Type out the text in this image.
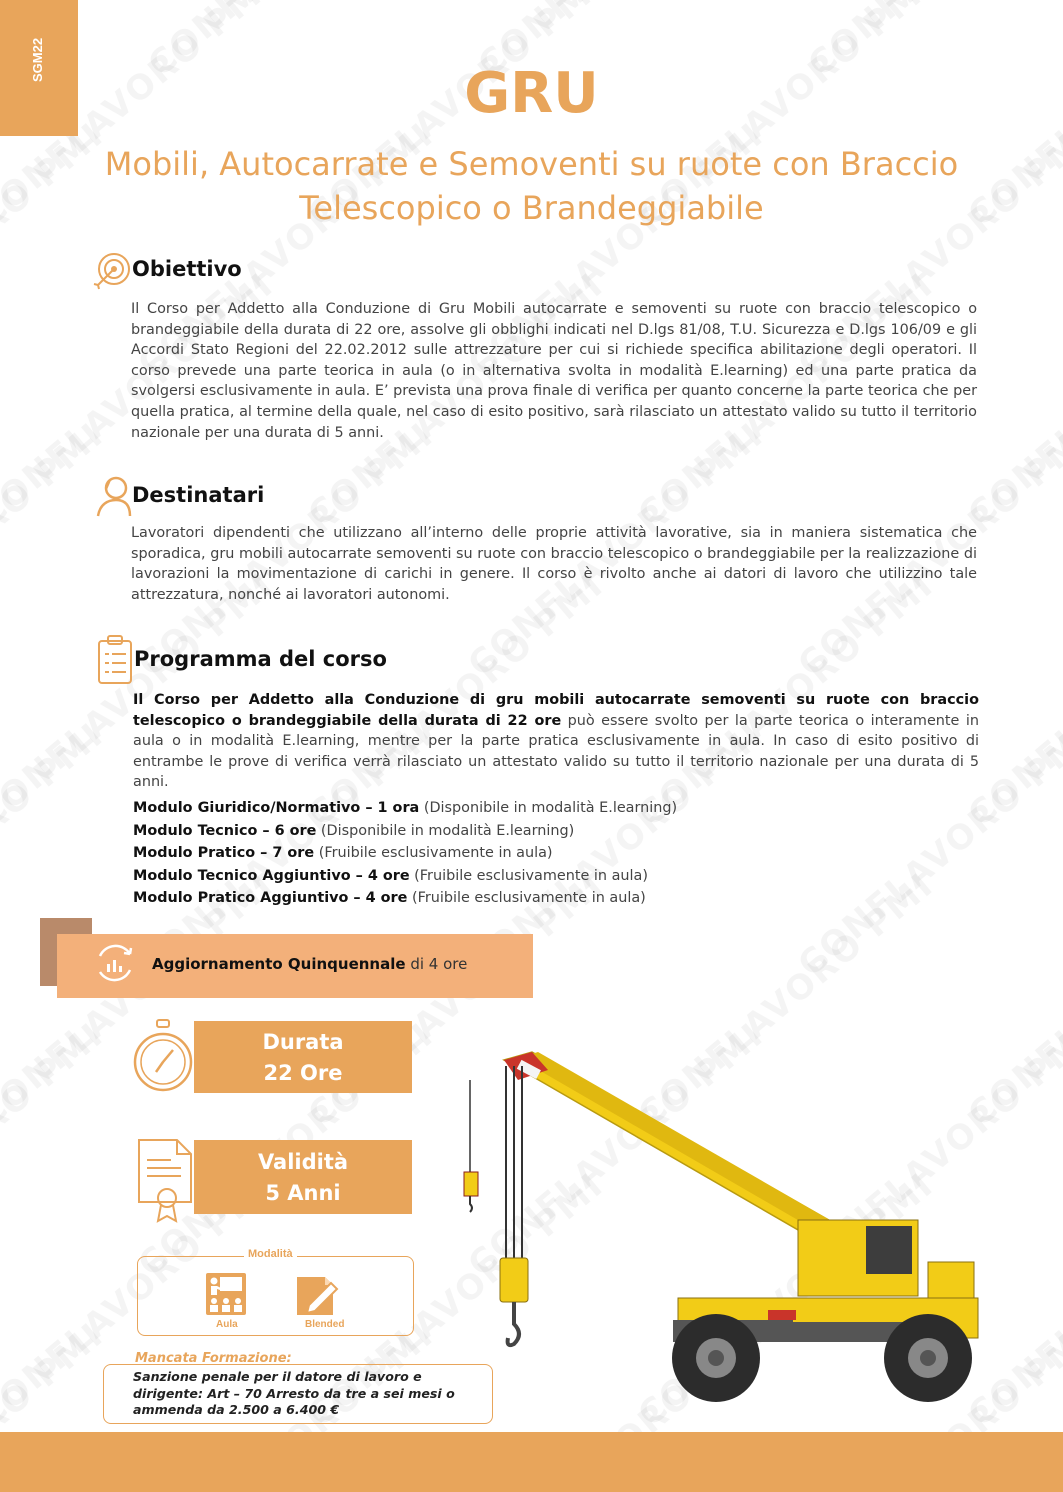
SGM22
GRU
Mobili, Autocarrate e Semoventi su ruote con Braccio Telescopico o Brandeggiabile
Obiettivo
Il Corso per Addetto alla Conduzione di Gru Mobili autocarrate e semoventi su ruote con braccio telescopico o brandeggiabile della durata di 22 ore, assolve gli obblighi indicati nel D.lgs 81/08, T.U. Sicurezza e D.lgs 106/09 e gli Accordi Stato Regioni del 22.02.2012 sulle attrezzature per cui si richiede specifica abilitazione degli operatori. Il corso prevede una parte teorica in aula (o in alternativa svolta in modalità E.learning) ed una parte pratica da svolgersi esclusivamente in aula. E’ prevista una prova finale di verifica per quanto concerne la parte teorica che per quella pratica, al termine della quale, nel caso di esito positivo, sarà rilasciato un attestato valido su tutto il territorio nazionale per una durata di 5 anni.
Destinatari
Lavoratori dipendenti che utilizzano all’interno delle proprie attività lavorative, sia in maniera sistematica che sporadica, gru mobili autocarrate semoventi su ruote con braccio telescopico o brandeggiabile per la realizzazione di lavorazioni la movimentazione di carichi in genere. Il corso è rivolto anche ai datori di lavoro che utilizzino tale attrezzatura, nonché ai lavoratori autonomi.
Programma del corso
Il Corso per Addetto alla Conduzione di gru mobili autocarrate semoventi su ruote con braccio telescopico o brandeggiabile della durata di 22 ore può essere svolto per la parte teorica o interamente in aula o in modalità E.learning, mentre per la parte pratica esclusivamente in aula. In caso di esito positivo di entrambe le prove di verifica verrà rilasciato un attestato valido su tutto il territorio nazionale per una durata di 5 anni.
Modulo Giuridico/Normativo – 1 ora (Disponibile in modalità E.learning)
Modulo Tecnico – 6 ore (Disponibile in modalità E.learning)
Modulo Pratico – 7 ore (Fruibile esclusivamente in aula)
Modulo Tecnico Aggiuntivo – 4 ore (Fruibile esclusivamente in aula)
Modulo Pratico Aggiuntivo – 4 ore (Fruibile esclusivamente in aula)
Aggiornamento Quinquennale di 4 ore
Durata
22 Ore
Validità
5 Anni
Modalità
Aula	Blended
Mancata Formazione:
Sanzione penale per il datore di lavoro e dirigente: Art – 70 Arresto da tre a sei mesi o ammenda da 2.500 a 6.400 €
